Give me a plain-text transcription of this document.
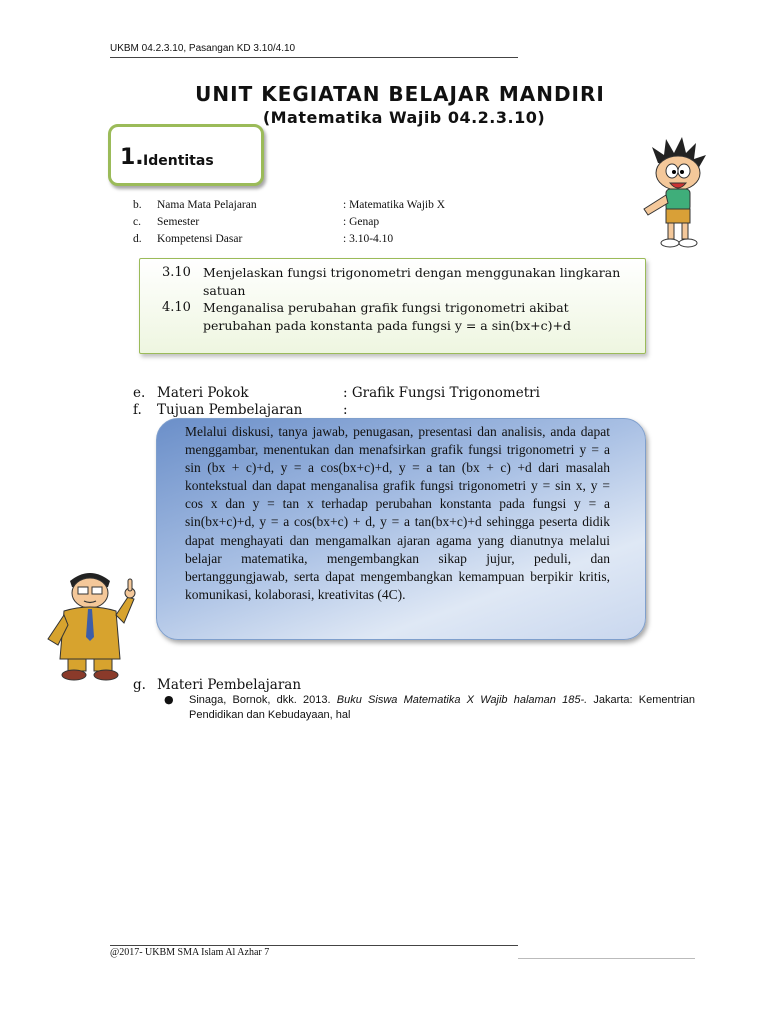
UKBM 04.2.3.10, Pasangan KD 3.10/4.10
UNIT KEGIATAN BELAJAR MANDIRI
(Matematika Wajib 04.2.3.10)
1. Identitas
b. Nama Mata Pelajaran	: Matematika Wajib X
c. Semester	: Genap
d. Kompetensi Dasar	: 3.10-4.10
3.10 Menjelaskan fungsi trigonometri dengan menggunakan lingkaran
satuan
4.10 Menganalisa perubahan grafik fungsi trigonometri akibat
perubahan pada konstanta pada fungsi y = a sin(bx+c)+d
e. Materi Pokok	: Grafik Fungsi Trigonometri
f. Tujuan Pembelajaran	:
Melalui diskusi, tanya jawab, penugasan, presentasi dan analisis, anda dapat menggambar, menentukan dan menafsirkan grafik fungsi trigonometri y = a sin (bx + c)+d, y = a cos(bx+c)+d, y = a tan (bx + c) +d dari masalah kontekstual dan dapat menganalisa grafik fungsi trigonometri y = sin x, y = cos x dan y = tan x terhadap perubahan konstanta pada fungsi y = a sin(bx+c)+d, y = a cos(bx+c) + d, y = a tan(bx+c)+d sehingga peserta didik dapat menghayati dan mengamalkan ajaran agama yang dianutnya melalui belajar matematika, mengembangkan sikap jujur, peduli, dan bertanggungjawab, serta dapat mengembangkan kemampuan berpikir kritis, komunikasi, kolaborasi, kreativitas (4C).
g. Materi Pembelajaran
● Sinaga, Bornok, dkk. 2013. Buku Siswa Matematika X Wajib halaman 185-. Jakarta: Kementrian Pendidikan dan Kebudayaan, hal
@2017- UKBM SMA Islam Al Azhar 7
